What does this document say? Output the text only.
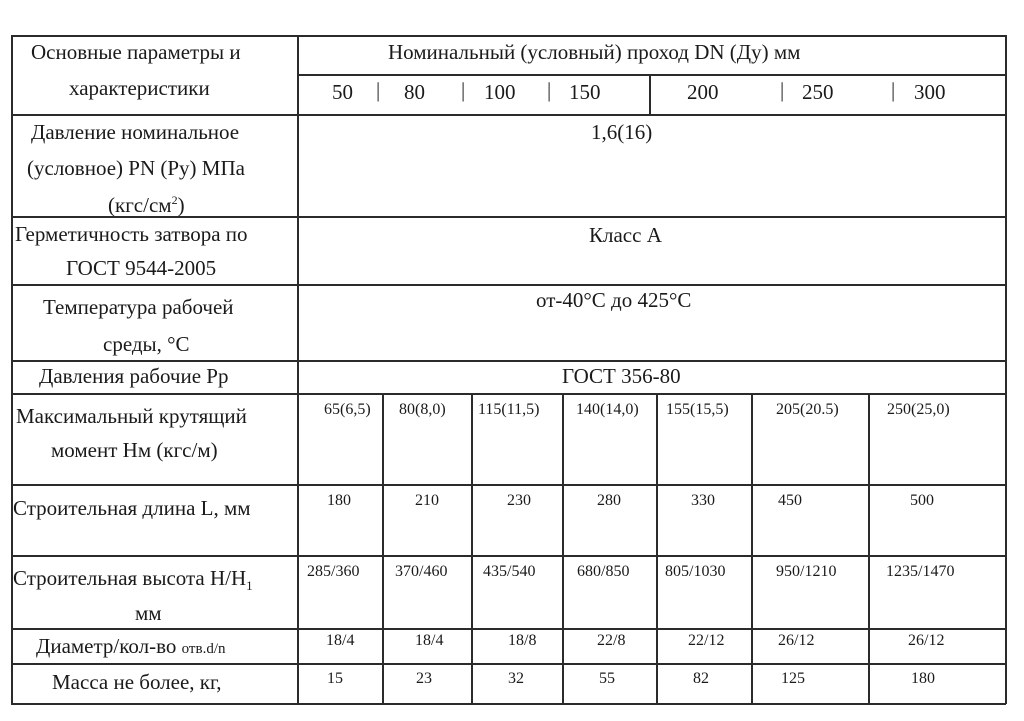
Основные параметры и
характеристики
Номинальный (условный) проход DN (Ду) мм
50 | 80 | 100 | 150	200	| 250	| 300
Давление номинальное
(условное) PN (Py) МПа
$(кгс/см^2)$
1,6(16)
Герметичность затвора по
ГОСТ 9544-2005
Класс А
Температура рабочей
среды, °С
от-40°С до 425°С
Давления рабочие Рр	ГОСТ 356-80
Максимальный крутящий
момент Нм (кгс/м)
65(6,5) 80(8,0) 115(11,5) 140(14,0) 155(15,5)	205(20.5)	250(25,0)
Строительная длина L, мм	180	210	230	280	330	450	500
Строительная высота $Н/Н_1$
мм
285/360 370/460 435/540	680/850 805/1030	950/1210	1235/1470
Диаметр/кол-во отв.d/n	18/4	18/4	18/8	22/8	22/12	26/12	26/12
Масса не более, кг,	15	23	32	55	82	125	180
